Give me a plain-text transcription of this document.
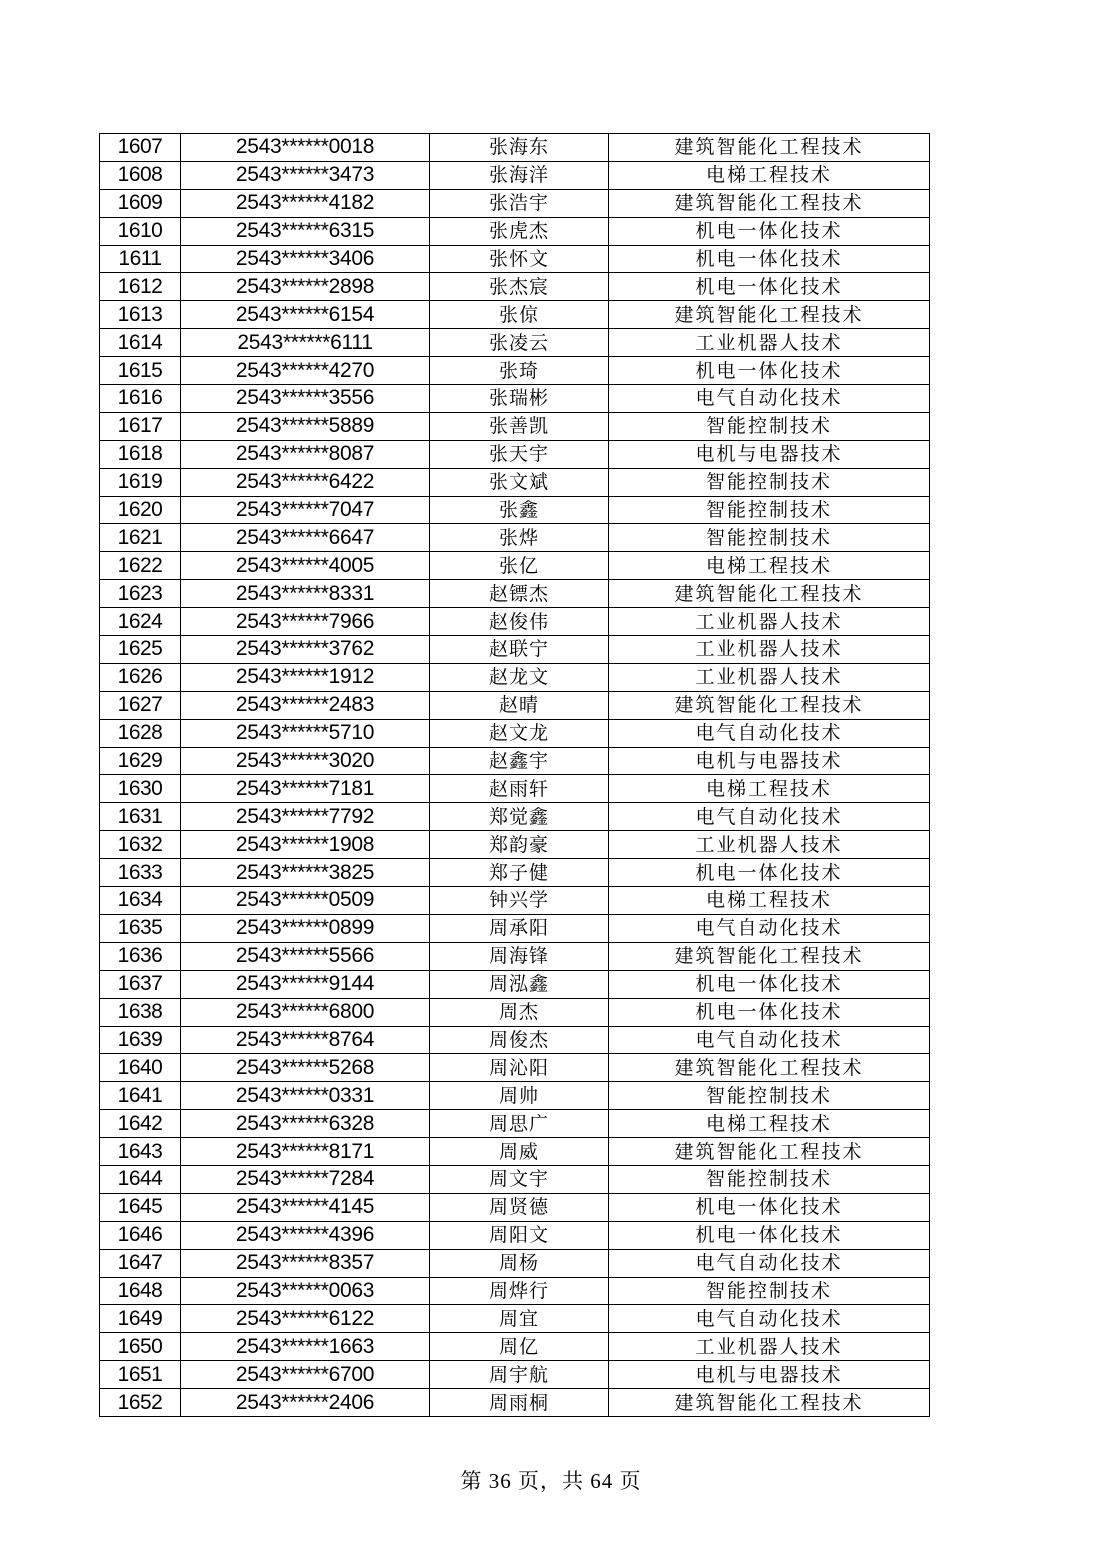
1607	2543******0018	张海东	建筑智能化工程技术
1608	2543******3473	张海洋	电梯工程技术
1609	2543******4182	张浩宇	建筑智能化工程技术
1610	2543******6315	张虎杰	机电一体化技术
1611	2543******3406	张怀文	机电一体化技术
1612	2543******2898	张杰宸	机电一体化技术
1613	2543******6154	张倞	建筑智能化工程技术
1614	2543******6111	张凌云	工业机器人技术
1615	2543******4270	张琦	机电一体化技术
1616	2543******3556	张瑞彬	电气自动化技术
1617	2543******5889	张善凯	智能控制技术
1618	2543******8087	张天宇	电机与电器技术
1619	2543******6422	张文斌	智能控制技术
1620	2543******7047	张鑫	智能控制技术
1621	2543******6647	张烨	智能控制技术
1622	2543******4005	张亿	电梯工程技术
1623	2543******8331	赵镖杰	建筑智能化工程技术
1624	2543******7966	赵俊伟	工业机器人技术
1625	2543******3762	赵联宁	工业机器人技术
1626	2543******1912	赵龙文	工业机器人技术
1627	2543******2483	赵晴	建筑智能化工程技术
1628	2543******5710	赵文龙	电气自动化技术
1629	2543******3020	赵鑫宇	电机与电器技术
1630	2543******7181	赵雨轩	电梯工程技术
1631	2543******7792	郑觉鑫	电气自动化技术
1632	2543******1908	郑韵豪	工业机器人技术
1633	2543******3825	郑子健	机电一体化技术
1634	2543******0509	钟兴学	电梯工程技术
1635	2543******0899	周承阳	电气自动化技术
1636	2543******5566	周海锋	建筑智能化工程技术
1637	2543******9144	周泓鑫	机电一体化技术
1638	2543******6800	周杰	机电一体化技术
1639	2543******8764	周俊杰	电气自动化技术
1640	2543******5268	周沁阳	建筑智能化工程技术
1641	2543******0331	周帅	智能控制技术
1642	2543******6328	周思广	电梯工程技术
1643	2543******8171	周威	建筑智能化工程技术
1644	2543******7284	周文宇	智能控制技术
1645	2543******4145	周贤德	机电一体化技术
1646	2543******4396	周阳文	机电一体化技术
1647	2543******8357	周杨	电气自动化技术
1648	2543******0063	周烨行	智能控制技术
1649	2543******6122	周宜	电气自动化技术
1650	2543******1663	周亿	工业机器人技术
1651	2543******6700	周宇航	电机与电器技术
1652	2543******2406	周雨桐	建筑智能化工程技术
第 36 页，共 64 页
